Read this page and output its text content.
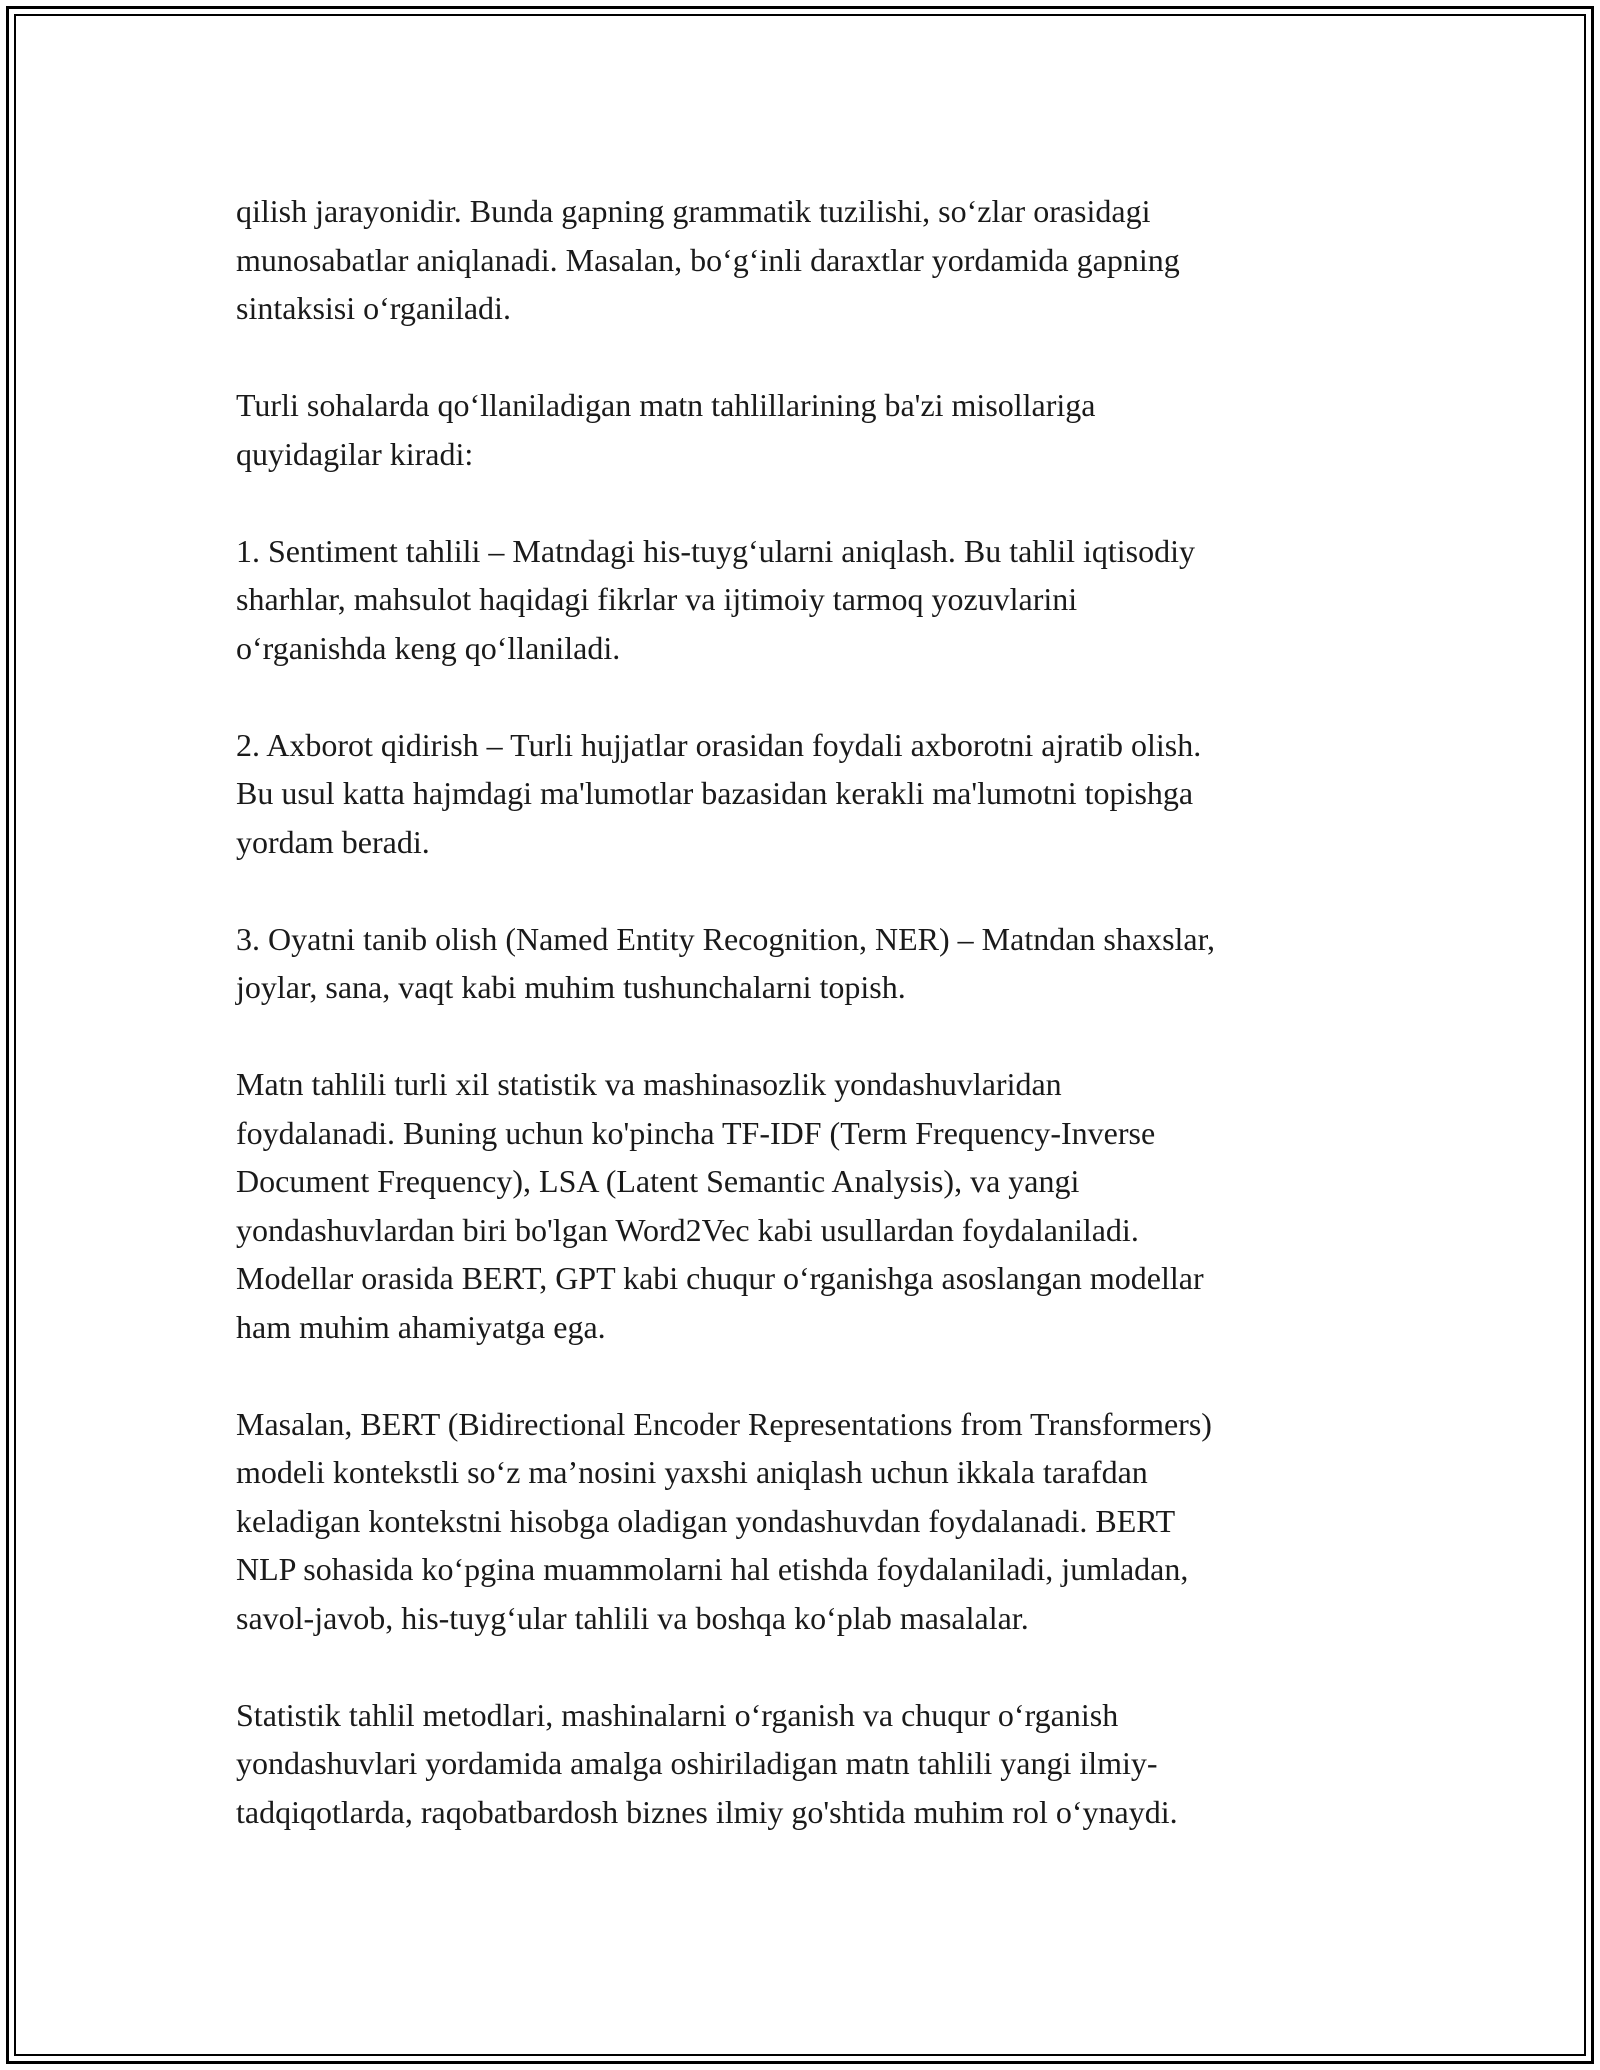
qilish jarayonidir. Bunda gapning grammatik tuzilishi, so‘zlar orasidagi
munosabatlar aniqlanadi. Masalan, bo‘g‘inli daraxtlar yordamida gapning
sintaksisi o‘rganiladi.

Turli sohalarda qo‘llaniladigan matn tahlillarining ba'zi misollariga
quyidagilar kiradi:

1. Sentiment tahlili – Matndagi his-tuyg‘ularni aniqlash. Bu tahlil iqtisodiy
sharhlar, mahsulot haqidagi fikrlar va ijtimoiy tarmoq yozuvlarini
o‘rganishda keng qo‘llaniladi.

2. Axborot qidirish – Turli hujjatlar orasidan foydali axborotni ajratib olish.
Bu usul katta hajmdagi ma'lumotlar bazasidan kerakli ma'lumotni topishga
yordam beradi.

3. Oyatni tanib olish (Named Entity Recognition, NER) – Matndan shaxslar,
joylar, sana, vaqt kabi muhim tushunchalarni topish.

Matn tahlili turli xil statistik va mashinasozlik yondashuvlaridan
foydalanadi. Buning uchun ko'pincha TF-IDF (Term Frequency-Inverse
Document Frequency), LSA (Latent Semantic Analysis), va yangi
yondashuvlardan biri bo'lgan Word2Vec kabi usullardan foydalaniladi.
Modellar orasida BERT, GPT kabi chuqur o‘rganishga asoslangan modellar
ham muhim ahamiyatga ega.

Masalan, BERT (Bidirectional Encoder Representations from Transformers)
modeli kontekstli so‘z ma’nosini yaxshi aniqlash uchun ikkala tarafdan
keladigan kontekstni hisobga oladigan yondashuvdan foydalanadi. BERT
NLP sohasida ko‘pgina muammolarni hal etishda foydalaniladi, jumladan,
savol-javob, his-tuyg‘ular tahlili va boshqa ko‘plab masalalar.

Statistik tahlil metodlari, mashinalarni o‘rganish va chuqur o‘rganish
yondashuvlari yordamida amalga oshiriladigan matn tahlili yangi ilmiy-
tadqiqotlarda, raqobatbardosh biznes ilmiy go'shtida muhim rol o‘ynaydi.
